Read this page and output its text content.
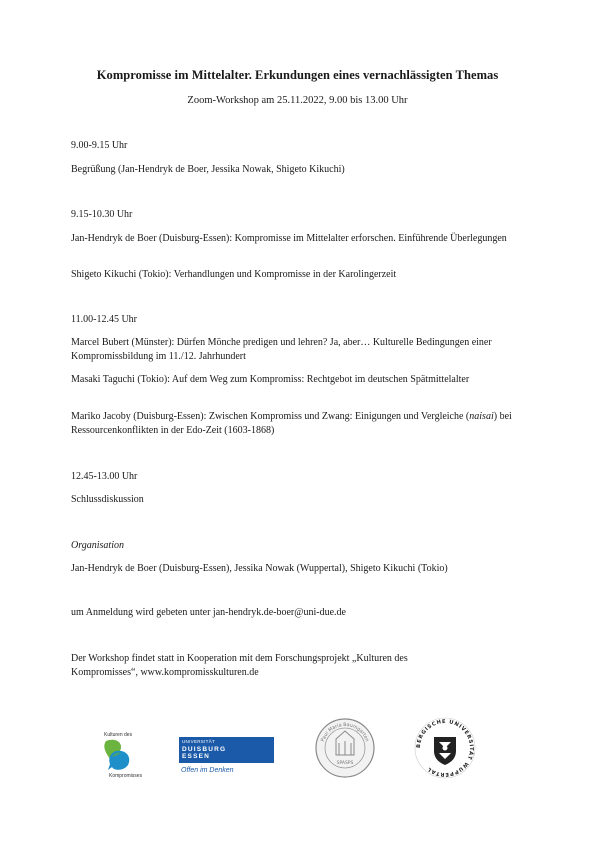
Kompromisse im Mittelalter. Erkundungen eines vernachlässigten Themas
Zoom-Workshop am 25.11.2022, 9.00 bis 13.00 Uhr
9.00-9.15 Uhr
Begrüßung (Jan-Hendryk de Boer, Jessika Nowak, Shigeto Kikuchi)
9.15-10.30 Uhr
Jan-Hendryk de Boer (Duisburg-Essen): Kompromisse im Mittelalter erforschen. Einführende Überlegungen
Shigeto Kikuchi (Tokio): Verhandlungen und Kompromisse in der Karolingerzeit
11.00-12.45 Uhr
Marcel Bubert (Münster): Dürfen Mönche predigen und lehren? Ja, aber… Kulturelle Bedingungen einer Kompromissbildung im 11./12. Jahrhundert
Masaki Taguchi (Tokio): Auf dem Weg zum Kompromiss: Rechtgebot im deutschen Spätmittelalter
Mariko Jacoby (Duisburg-Essen): Zwischen Kompromiss und Zwang: Einigungen und Vergleiche (naisai) bei Ressourcenkonflikten in der Edo-Zeit (1603-1868)
12.45-13.00 Uhr
Schlussdiskussion
Organisation
Jan-Hendryk de Boer (Duisburg-Essen), Jessika Nowak (Wuppertal), Shigeto Kikuchi (Tokio)
um Anmeldung wird gebeten unter jan-hendryk.de-boer@uni-due.de
Der Workshop findet statt in Kooperation mit dem Forschungsprojekt „Kulturen des
Kompromisses“, www.kompromisskulturen.de
Kulturen des
Kompromisses
UNIVERSITÄT
DUISBURG
ESSEN
Offen im Denken
SPASPS
Paul Maria Baumgarten
BERGISCHE UNIVERSITÄT WUPPERTAL
